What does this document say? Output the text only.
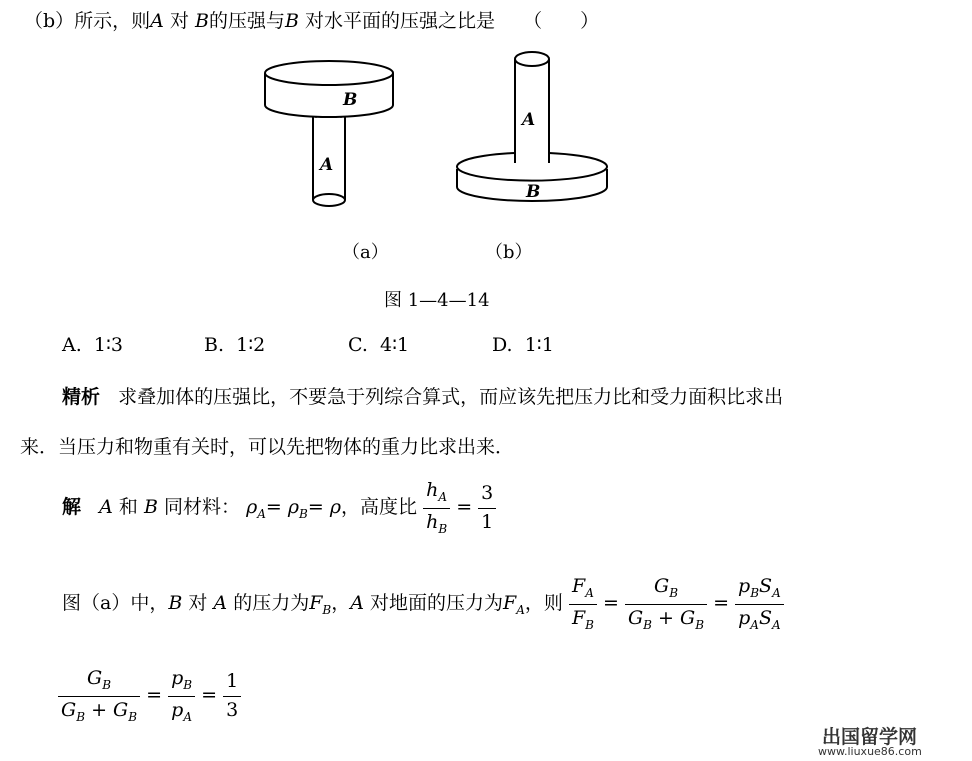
（b）所示，则A 对 B的压强与B 对水平面的压强之比是 （　　）
B
A
A
B
（a）	（b）
图 1—4—14
A. 1∶3	B. 1∶2	C. 4∶1	D. 1∶1
精析 求叠加体的压强比，不要急于列综合算式，而应该先把压力比和受力面积比求出
来．当压力和物重有关时，可以先把物体的重力比求出来．
解 A 和 B 同材料： $\rho_A= \rho_B= \rho$，高度比 $\frac{h_A}{h_B} = \frac{3}{1}$
图（a）中，B 对 A 的压力为$F_B$，A 对地面的压力为$F_A$，则 $\frac{F_A}{F_B} = \frac{G_B}{G_B + G_B} = \frac{p_BS_A}{p_AS_A}$
$\frac{G_B}{G_B + G_B} = \frac{p_B}{p_A} = \frac{1}{3}$
出国留学网
www.liuxue86.com
